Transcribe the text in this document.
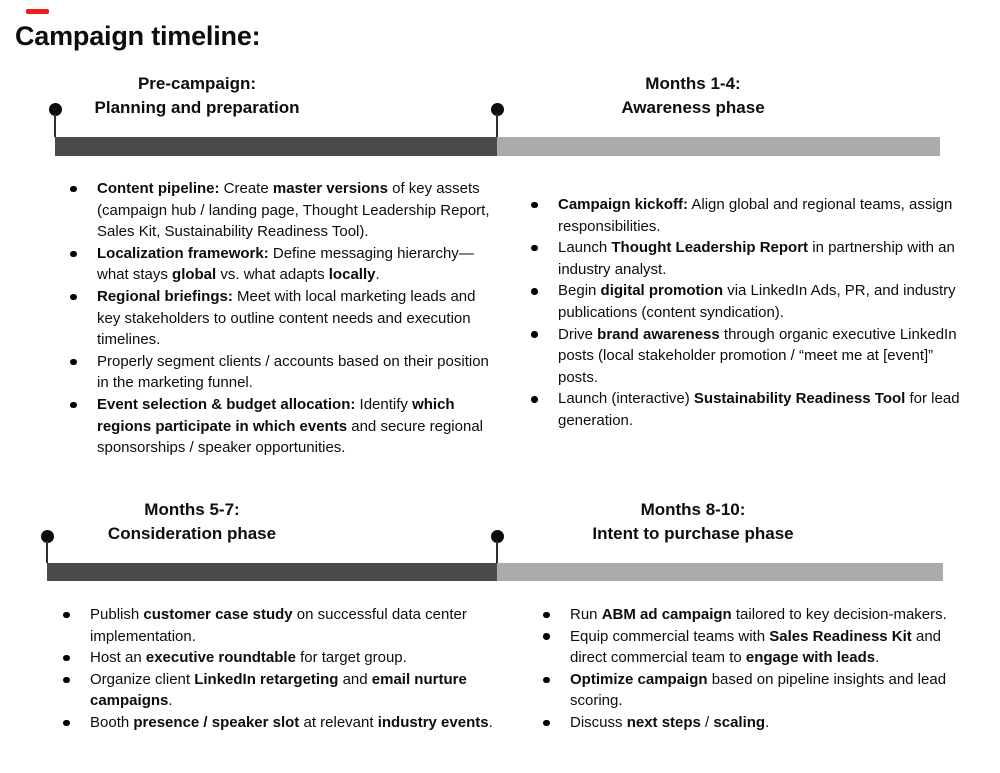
Campaign timeline:
Pre-campaign:
Planning and preparation
Months 1-4:
Awareness phase
Content pipeline: Create master versions of key assets (campaign hub / landing page, Thought Leadership Report, Sales Kit, Sustainability Readiness Tool).
Localization framework: Define messaging hierarchy—what stays global vs. what adapts locally.
Regional briefings: Meet with local marketing leads and key stakeholders to outline content needs and execution timelines.
Properly segment clients / accounts based on their position in the marketing funnel.
Event selection & budget allocation: Identify which regions participate in which events and secure regional sponsorships / speaker opportunities.
Campaign kickoff: Align global and regional teams, assign responsibilities.
Launch Thought Leadership Report in partnership with an industry analyst.
Begin digital promotion via LinkedIn Ads, PR, and industry publications (content syndication).
Drive brand awareness through organic executive LinkedIn posts (local stakeholder promotion / “meet me at [event]” posts.
Launch (interactive) Sustainability Readiness Tool for lead generation.
Months 5-7:
Consideration phase
Months 8-10:
Intent to purchase phase
Publish customer case study on successful data center implementation.
Host an executive roundtable for target group.
Organize client LinkedIn retargeting and email nurture campaigns.
Booth presence / speaker slot at relevant industry events.
Run ABM ad campaign tailored to key decision-makers.
Equip commercial teams with Sales Readiness Kit and direct commercial team to engage with leads.
Optimize campaign based on pipeline insights and lead scoring.
Discuss next steps / scaling.
